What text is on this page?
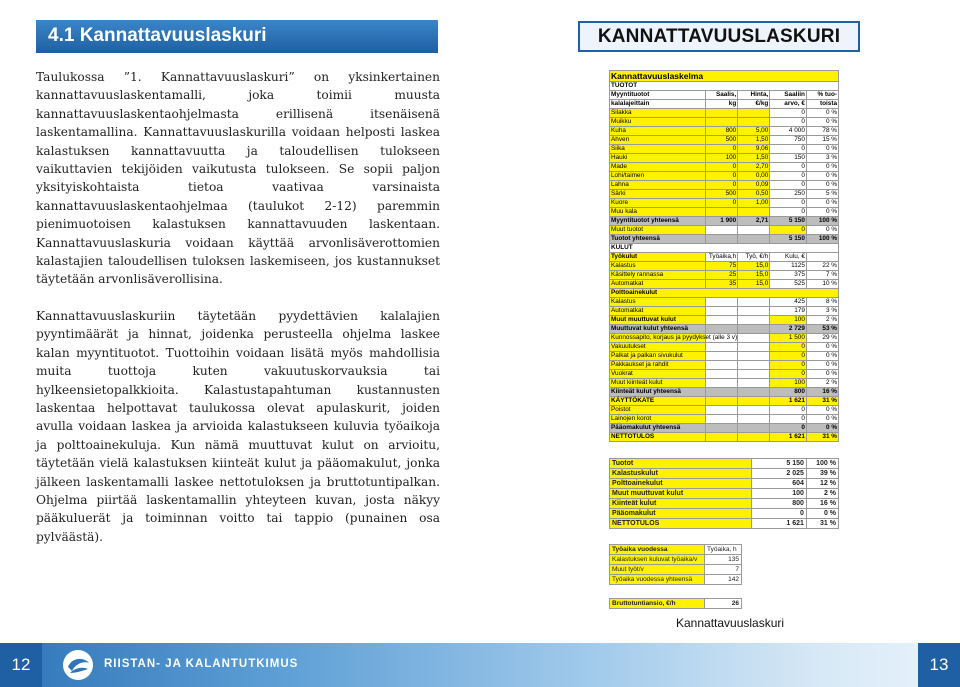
4.1 Kannattavuuslaskuri	KANNATTAVUUSLASKURI

Taulukossa ”1. Kannattavuuslaskuri” on yksinkertainen kannattavuuslaskentamalli, joka toimii muusta kannattavuuslaskentaohjelmasta erillisenä itsenäisenä laskentamallina. Kannattavuuslaskurilla voidaan helposti laskea kalastuksen kannattavuutta ja taloudellisen tulokseen vaikuttavien tekijöiden vaikutusta tulokseen. Se sopii paljon yksityiskohtaista tietoa vaativaa varsinaista kannattavuuslaskentaohjelmaa (taulukot 2-12) paremmin pienimuotoisen kalastuksen kannattavuuden laskentaan. Kannattavuuslaskuria voidaan käyttää arvonlisäverottomien kalastajien taloudellisen tuloksen laskemiseen, jos kustannukset täytetään arvonlisäverollisina.

Kannattavuuslaskuriin täytetään pyydettävien kalalajien pyyntimäärät ja hinnat, joidenka perusteella ohjelma laskee kalan myyntituotot. Tuottoihin voidaan lisätä myös mahdollisia muita tuottoja kuten vakuutuskorvauksia tai hylkeensietopalkkioita. Kalastustapahtuman kustannusten laskentaa helpottavat taulukossa olevat apulaskurit, joiden avulla voidaan laskea ja arvioida kalastukseen kuluvia työaikoja ja polttoainekuluja. Kun nämä muuttuvat kulut on arvioitu, täytetään vielä kalastuksen kiinteät kulut ja pääomakulut, jonka jälkeen laskentamalli laskee nettotuloksen ja bruttotuntipalkan. Ohjelma piirtää laskentamallin yhteyteen kuvan, josta näkyy pääkuluerät ja toiminnan voitto tai tappio (punainen osa pylväästä).

Kannattavuuslaskelma				
TUOTOT				
Myyntituotot	Saalis,	Hinta,	Saaliin	% tuo-
kalalajeittain	kg	€/kg	arvo, €	toista
Silakka			0	0 %
Muikku			0	0 %
Kuha	800	5,00	4 000	78 %
Ahven	500	1,50	750	15 %
Siika	0	9,06	0	0 %
Hauki	100	1,50	150	3 %
Made	0	2,70	0	0 %
Lohi/taimen	0	0,00	0	0 %
Lahna	0	0,09	0	0 %
Särki	500	0,50	250	5 %
Kuore	0	1,00	0	0 %
Muu kala			0	0 %
Myyntituotot yhteensä	1 900	2,71	5 150	100 %
Muut tuotot			0	0 %
Tuotot yhteensä			5 150	100 %
KULUT				
Työkulut	Työaika,h	Työ, €/h	Kulu, €	
Kalastus	75	15,0	1125	22 %
Käsittely rannassa	25	15,0	375	7 %
Automatkat	35	15,0	525	10 %
Polttoainekulut				
Kalastus			425	8 %
Automatkat			179	3 %
Muut muuttuvat kulut			100	2 %
Muuttuvat kulut yhteensä			2 729	53 %
Kunnossapito, korjaus ja pyydykset (alle 3 v)			1 500	29 %
Vakuutukset			0	0 %
Palkat ja palkan sivukulut			0	0 %
Pakkaukset ja rahdit			0	0 %
Vuokrat			0	0 %
Muut kiinteät kulut			100	2 %
Kiinteät kulut yhteensä			800	16 %
KÄYTTÖKATE			1 621	31 %
Poistot			0	0 %
Lainojen korot			0	0 %
Pääomakulut yhteensä			0	0 %
NETTOTULOS			1 621	31 %
Tuotot	5 150	100 %
Kalastuskulut	2 025	39 %
Polttoainekulut	604	12 %
Muut muuttuvat kulut	100	2 %
Kiinteät kulut	800	16 %
Pääomakulut	0	0 %
NETTOTULOS	1 621	31 %
Työaika vuodessa	Työaika, h
Kalastuksen kuluvat työaika/v	135
Muut työt/v	7
Työaika vuodessa yhteensä	142

Bruttotuntiansio, €/h	26
Kannattavuuslaskuri
12	13
RIISTAN- JA KALANTUTKIMUS
